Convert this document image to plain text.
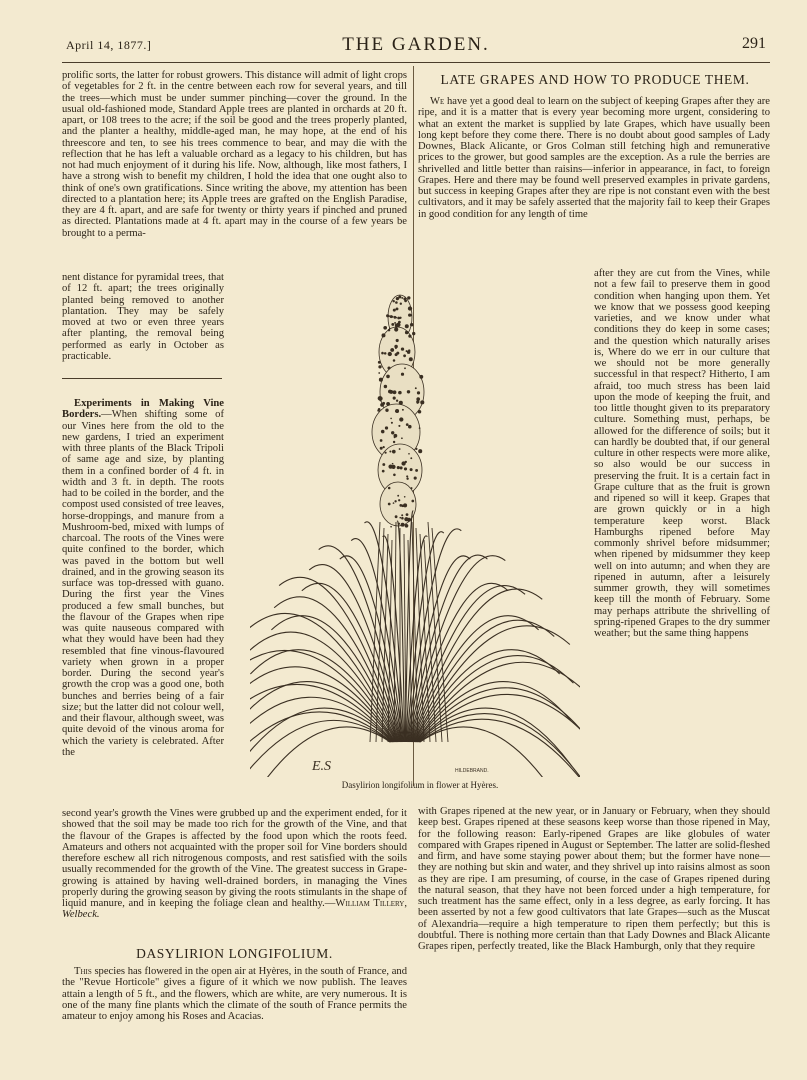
April 14, 1877.]	THE GARDEN.	291

prolific sorts, the latter for robust growers. This distance will admit of light crops of vegetables for 2 ft. in the centre between each row for several years, and till the trees—which must be under summer pinching—cover the ground. In the usual old-fashioned mode, Standard Apple trees are planted in orchards at 20 ft. apart, or 108 trees to the acre; if the soil be good and the trees properly planted, and the planter a healthy, middle-aged man, he may hope, at the end of his threescore and ten, to see his trees commence to bear, and may die with the reflection that he has left a valuable orchard as a legacy to his children, but has not had much enjoyment of it during his life. Now, although, like most fathers, I have a strong wish to benefit my children, I hold the idea that one ought also to think of one's own gratifications. Since writing the above, my attention has been directed to a plantation here; its Apple trees are grafted on the English Paradise, they are 4 ft. apart, and are safe for twenty or thirty years if pinched and pruned as directed. Plantations made at 4 ft. apart may in the course of a few years be brought to a perma-

nent distance for pyramidal trees, that of 12 ft. apart; the trees originally planted being removed to another plantation. They may be safely moved at two or even three years after planting, the removal being performed as early in October as practicable.

Experiments in Making Vine Borders.—When shifting some of our Vines here from the old to the new gardens, I tried an experiment with three plants of the Black Tripoli of same age and size, by planting them in a confined border of 4 ft. in width and 3 ft. in depth. The roots had to be coiled in the border, and the compost used consisted of tree leaves, horse-droppings, and manure from a Mushroom-bed, mixed with lumps of charcoal. The roots of the Vines were quite confined to the border, which was paved in the bottom but well drained, and in the growing season its surface was top-dressed with guano. During the first year the Vines produced a few small bunches, but the flavour of the Grapes when ripe was quite nauseous compared with what they would have been had they resembled that fine vinous-flavoured variety when grown in a proper border. During the second year's growth the crop was a good one, both bunches and berries being of a fair size; but the latter did not colour well, and their flavour, although sweet, was quite devoid of the vinous aroma for which the variety is celebrated. After the

second year's growth the Vines were grubbed up and the experiment ended, for it showed that the soil may be made too rich for the growth of the Vine, and that the flavour of the Grapes is affected by the food upon which the roots feed. Amateurs and others not acquainted with the proper soil for Vine borders should therefore eschew all rich nitrogenous composts, and rest satisfied with the soils usually recommended for the growth of the Vine. The greatest success in Grape-growing is attained by having well-drained borders, in managing the Vines properly during the growing season by giving the roots stimulants in the shape of liquid manure, and in keeping the foliage clean and healthy.—William Tillery, Welbeck.

DASYLIRION LONGIFOLIUM.

This species has flowered in the open air at Hyères, in the south of France, and the "Revue Horticole" gives a figure of it which we now publish. The leaves attain a length of 5 ft., and the flowers, which are white, are very numerous. It is one of the many fine plants which the climate of the south of France permits the amateur to enjoy among his Roses and Acacias.

LATE GRAPES AND HOW TO PRODUCE THEM.

We have yet a good deal to learn on the subject of keeping Grapes after they are ripe, and it is a matter that is every year becoming more urgent, considering to what an extent the market is supplied by late Grapes, which have usually been long kept before they come there. There is no doubt about good samples of Lady Downes, Black Alicante, or Gros Colman still fetching high and remunerative prices to the grower, but good samples are the exception. As a rule the berries are shrivelled and little better than raisins—inferior in appearance, in fact, to foreign Grapes. Here and there may be found well preserved examples in private gardens, but success in keeping Grapes after they are ripe is not constant even with the best cultivators, and it may be safely asserted that the majority fail to keep their Grapes in good condition for any length of time

after they are cut from the Vines, while not a few fail to preserve them in good condition when hanging upon them. Yet we know that we possess good keeping varieties, and we know under what conditions they do keep in some cases; and the question which naturally arises is, Where do we err in our culture that we should not be more generally successful in that respect? Hitherto, I am afraid, too much stress has been laid upon the mode of keeping the fruit, and too little thought given to its preparatory culture. Something must, perhaps, be allowed for the difference of soils; but it can hardly be doubted that, if our general culture in other respects were more alike, so also would be our success in preserving the fruit. It is a certain fact in Grape culture that as the fruit is grown and ripened so will it keep. Grapes that are grown quickly or in a high temperature keep worst. Black Hamburghs ripened before May commonly shrivel before midsummer; when ripened by midsummer they keep well on into autumn; and when they are ripened in autumn, after a leisurely summer growth, they will sometimes keep till the month of February. Some may perhaps attribute the shrivelling of spring-ripened Grapes to the dry summer weather; but the same thing happens

with Grapes ripened at the new year, or in January or February, when they should keep best. Grapes ripened at these seasons keep worse than those ripened in May, for the following reason: Early-ripened Grapes are like globules of water compared with Grapes ripened in August or September. The latter are solid-fleshed and firm, and have some staying power about them; but the former have none—they are nothing but skin and water, and they shrivel up into raisins almost as soon as they are ripe. I am presuming, of course, in the case of Grapes ripened during the natural season, that they have not been forced under a high temperature, for such treatment has the same effect, only in a less degree, as early forcing. It has been asserted by not a few good cultivators that late Grapes—such as the Muscat of Alexandria—require a high temperature to ripen them perfectly; but this is doubtful. There is nothing more certain than that Lady Downes and Black Alicante Grapes ripen, perfectly treated, like the Black Hamburgh, only that they require

E.S	HILDEBRAND.

Dasylirion longifolium in flower at Hyères.
